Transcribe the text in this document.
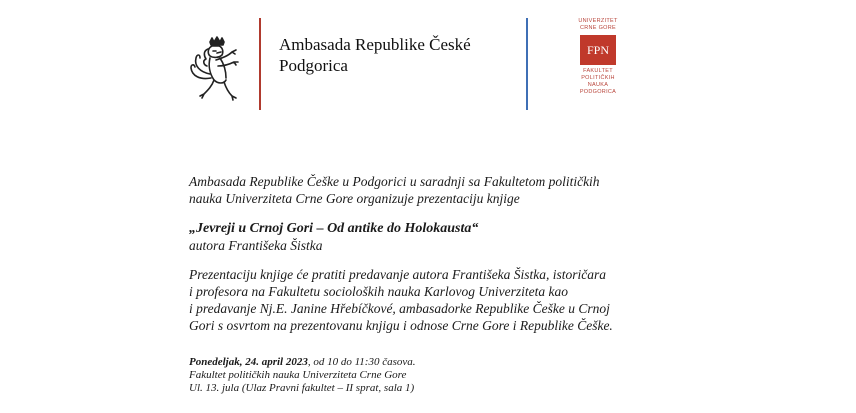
Ambasada Republike České
Podgorica
UNIVERZITET
CRNE GORE
FPN
FAKULTET
POLITIČKIH
NAUKA
PODGORICA
Ambasada Republike Češke u Podgorici u saradnji sa Fakultetom političkih
nauka Univerziteta Crne Gore organizuje prezentaciju knjige
„Jevreji u Crnoj Gori – Od antike do Holokausta“
autora Františeka Šistka
Prezentaciju knjige će pratiti predavanje autora Františeka Šistka, istoričara
i profesora na Fakultetu socioloških nauka Karlovog Univerziteta kao
i predavanje Nj.E. Janine Hřebíčkové, ambasadorke Republike Češke u Crnoj
Gori s osvrtom na prezentovanu knjigu i odnose Crne Gore i Republike Češke.
Ponedeljak, 24. april 2023, od 10 do 11:30 časova.
Fakultet političkih nauka Univerziteta Crne Gore
Ul. 13. jula (Ulaz Pravni fakultet – II sprat, sala 1)
